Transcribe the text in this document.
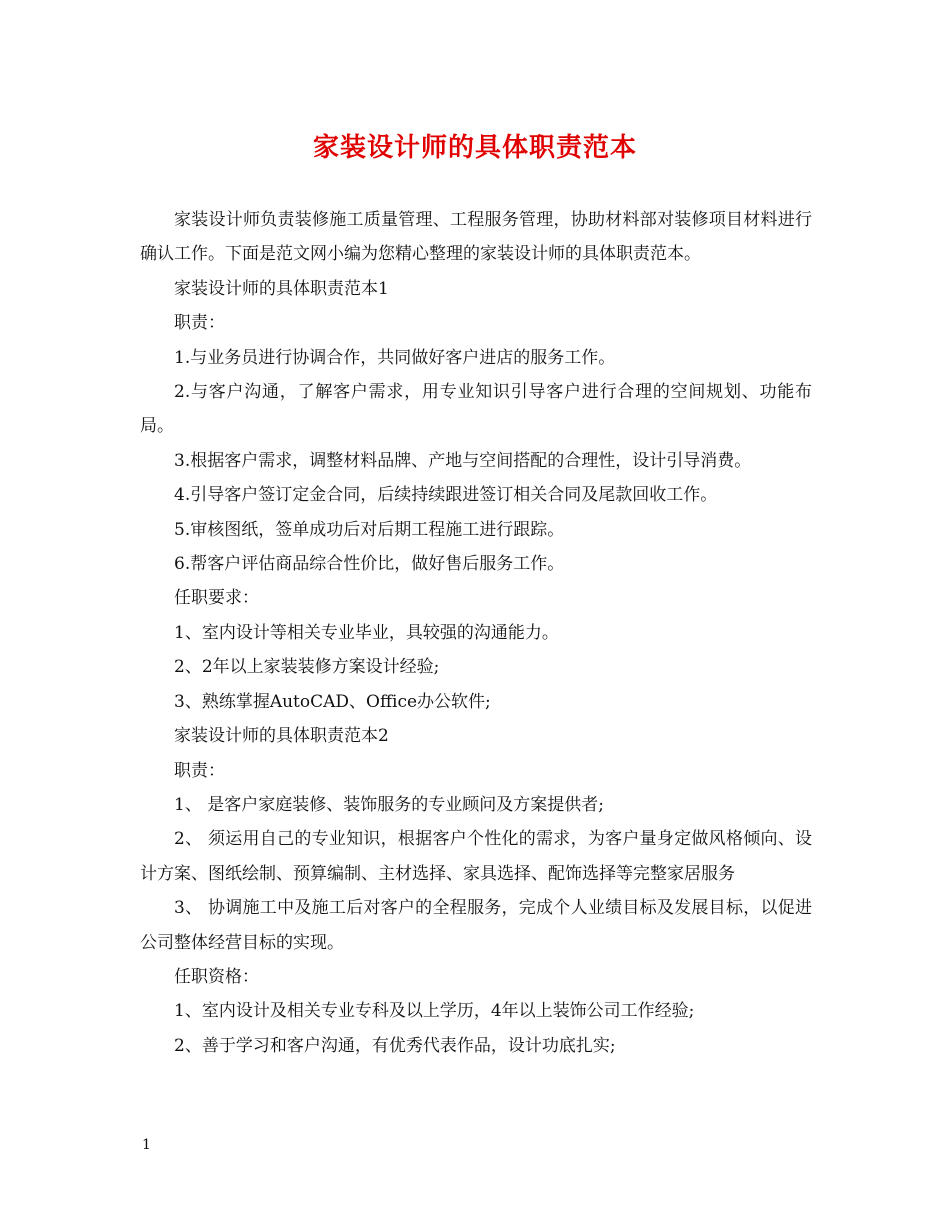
家装设计师的具体职责范本

家装设计师负责装修施工质量管理、工程服务管理，协助材料部对装修项目材料进行确认工作。下面是范文网小编为您精心整理的家装设计师的具体职责范本。

家装设计师的具体职责范本1

职责：

1.与业务员进行协调合作，共同做好客户进店的服务工作。

2.与客户沟通，了解客户需求，用专业知识引导客户进行合理的空间规划、功能布局。

3.根据客户需求，调整材料品牌、产地与空间搭配的合理性，设计引导消费。

4.引导客户签订定金合同，后续持续跟进签订相关合同及尾款回收工作。

5.审核图纸，签单成功后对后期工程施工进行跟踪。

6.帮客户评估商品综合性价比，做好售后服务工作。

任职要求：

1、室内设计等相关专业毕业，具较强的沟通能力。

2、2年以上家装装修方案设计经验;

3、熟练掌握AutoCAD、Office办公软件;

家装设计师的具体职责范本2

职责：

1、 是客户家庭装修、装饰服务的专业顾问及方案提供者;

2、 须运用自己的专业知识，根据客户个性化的需求，为客户量身定做风格倾向、设计方案、图纸绘制、预算编制、主材选择、家具选择、配饰选择等完整家居服务

3、 协调施工中及施工后对客户的全程服务，完成个人业绩目标及发展目标，以促进公司整体经营目标的实现。

任职资格：

1、室内设计及相关专业专科及以上学历，4年以上装饰公司工作经验;

2、善于学习和客户沟通，有优秀代表作品，设计功底扎实;

1
